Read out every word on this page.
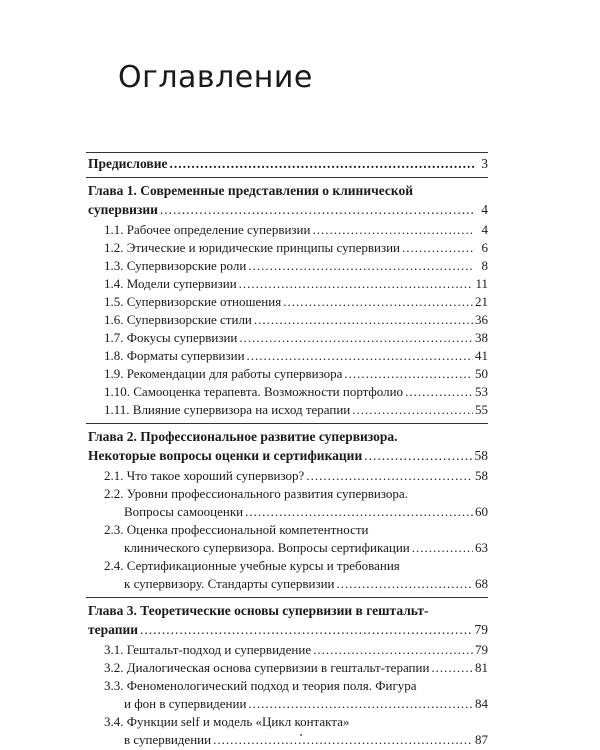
Оглавление
Предисловие .....	3
Глава 1. Современные представления о клинической
супервизии .....	4
1.1. Рабочее определение супервизии .....	4
1.2. Этические и юридические принципы супервизии .....	6
1.3. Супервизорские роли .....	8
1.4. Модели супервизии .....	11
1.5. Супервизорские отношения .....	21
1.6. Супервизорские стили .....	36
1.7. Фокусы супервизии .....	38
1.8. Форматы супервизии .....	41
1.9. Рекомендации для работы супервизора .....	50
1.10. Самооценка терапевта. Возможности портфолио .....	53
1.11. Влияние супервизора на исход терапии .....	55
Глава 2. Профессиональное развитие супервизора.
Некоторые вопросы оценки и сертификации .....	58
2.1. Что такое хороший супервизор? .....	58
2.2. Уровни профессионального развития супервизора.
Вопросы самооценки .....	60
2.3. Оценка профессиональной компетентности
клинического супервизора. Вопросы сертификации .....	63
2.4. Сертификационные учебные курсы и требования
к супервизору. Стандарты супервизии .....	68
Глава 3. Теоретические основы супервизии в гештальт-
терапии .....	79
3.1. Гештальт-подход и супервидение .....	79
3.2. Диалогическая основа супервизии в гештальт-терапии .....	81
3.3. Феноменологический подход и теория поля. Фигура
и фон в супервидении .....	84
3.4. Функции self и модель «Цикл контакта»
в супервидении .....	87
